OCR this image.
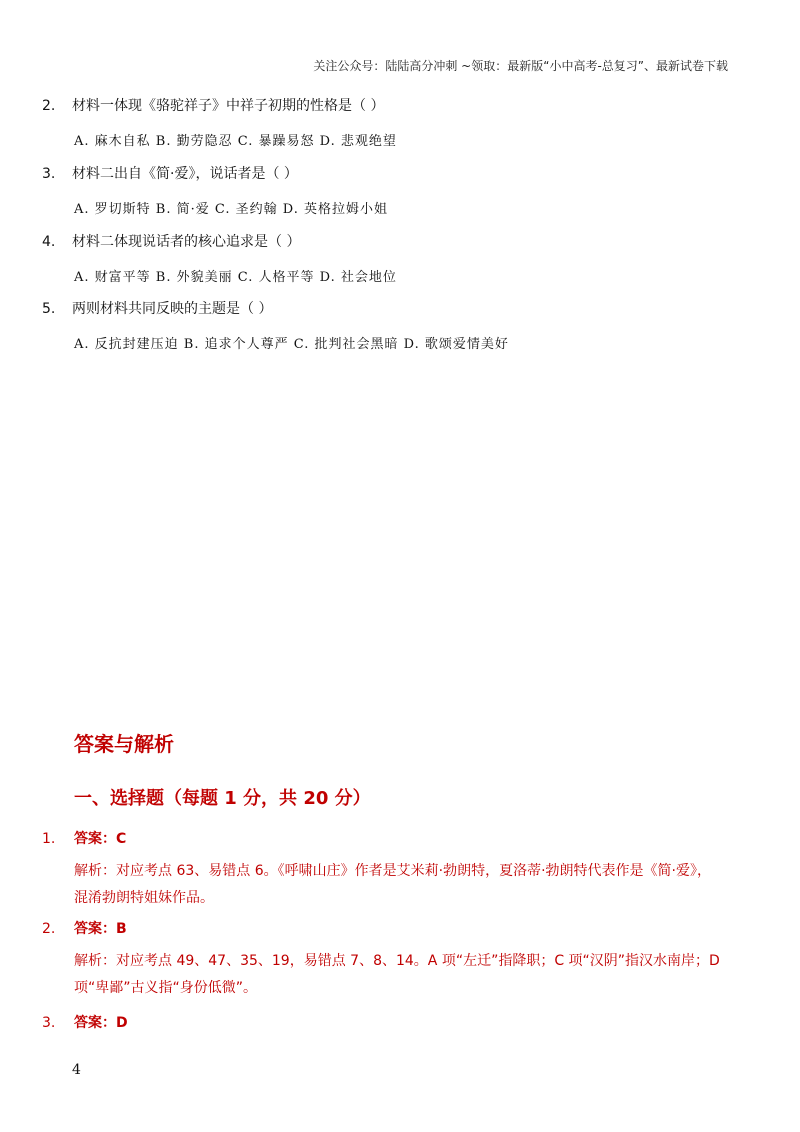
关注公众号：陆陆高分冲刺 ~领取：最新版“小中高考-总复习”、最新试卷下载
2. 材料一体现《骆驼祥子》中祥子初期的性格是（ ）
A. 麻木自私 B. 勤劳隐忍 C. 暴躁易怒 D. 悲观绝望
3. 材料二出自《简·爱》，说话者是（ ）
A. 罗切斯特 B. 简·爱 C. 圣约翰 D. 英格拉姆小姐
4. 材料二体现说话者的核心追求是（ ）
A. 财富平等 B. 外貌美丽 C. 人格平等 D. 社会地位
5. 两则材料共同反映的主题是（ ）
A. 反抗封建压迫 B. 追求个人尊严 C. 批判社会黑暗 D. 歌颂爱情美好
答案与解析
一、选择题（每题 1 分，共 20 分）
1. 答案：C
解析：对应考点 63、易错点 6。《呼啸山庄》作者是艾米莉·勃朗特，夏洛蒂·勃朗特代表作是《简·爱》，混淆勃朗特姐妹作品。
2. 答案：B
解析：对应考点 49、47、35、19，易错点 7、8、14。A 项“左迁”指降职；C 项“汉阴”指汉水南岸；D 项“卑鄙”古义指“身份低微”。
3. 答案：D
4
